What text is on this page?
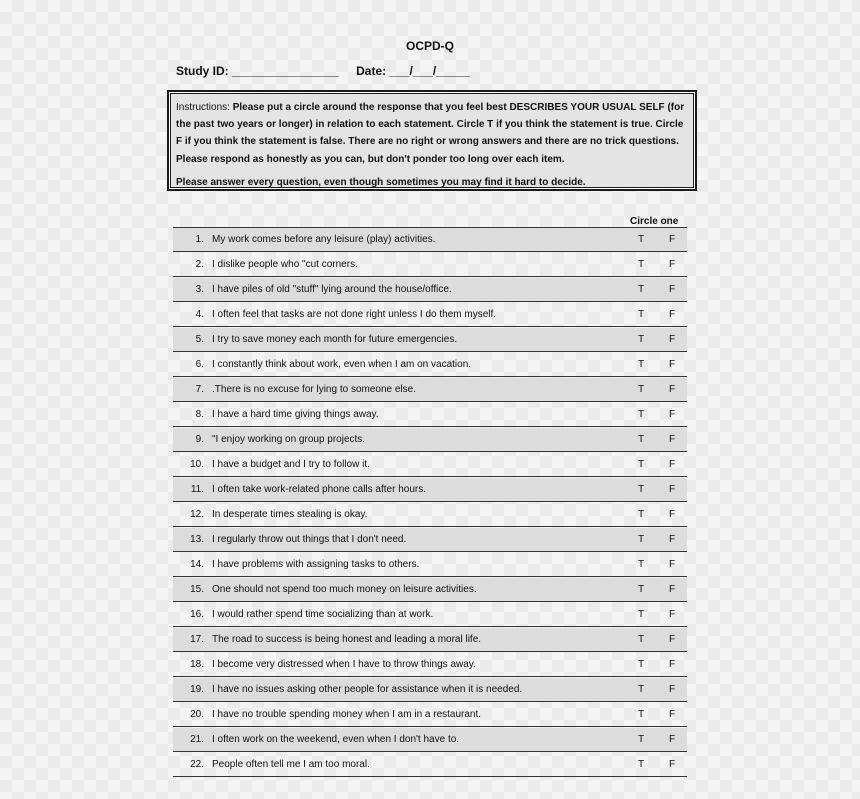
OCPD-Q
Study ID: ________________ Date: ___/___/_____

Instructions: Please put a circle around the response that you feel best DESCRIBES YOUR USUAL SELF (for the past two years or longer) in relation to each statement. Circle T if you think the statement is true. Circle F if you think the statement is false. There are no right or wrong answers and there are no trick questions. Please respond as honestly as you can, but don't ponder too long over each item.

Please answer every question, even though sometimes you may find it hard to decide.

Circle one
1. My work comes before any leisure (play) activities.	T F
2. I dislike people who "cut corners.	T F
3. I have piles of old "stuff" lying around the house/office.	T F
4. I often feel that tasks are not done right unless I do them myself.	T F
5. I try to save money each month for future emergencies.	T F
6. I constantly think about work, even when I am on vacation.	T F
7. .There is no excuse for lying to someone else.	T F
8. I have a hard time giving things away.	T F
9. "I enjoy working on group projects.	T F
10. I have a budget and I try to follow it.	T F
11. I often take work-related phone calls after hours.	T F
12. In desperate times stealing is okay.	T F
13. I regularly throw out things that I don't need.	T F
14. I have problems with assigning tasks to others.	T F
15. One should not spend too much money on leisure activities.	T F
16. I would rather spend time socializing than at work.	T F
17. The road to success is being honest and leading a moral life.	T F
18. I become very distressed when I have to throw things away.	T F
19. I have no issues asking other people for assistance when it is needed.	T F
20. I have no trouble spending money when I am in a restaurant.	T F
21. I often work on the weekend, even when I don't have to.	T F
22. People often tell me I am too moral.	T F
